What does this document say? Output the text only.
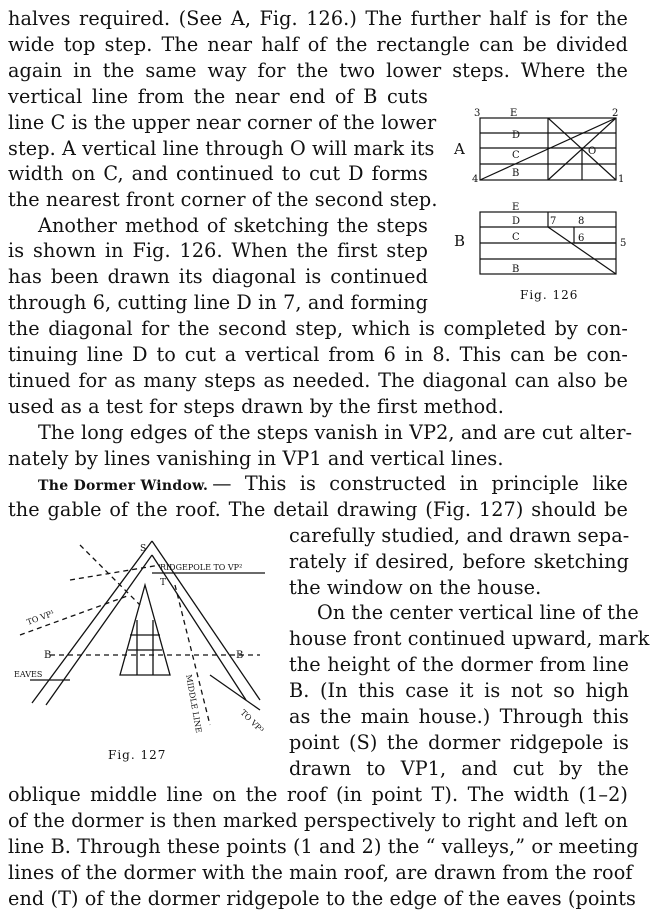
halves required. (See A, Fig. 126.) The further half is for the
wide top step. The near half of the rectangle can be divided
again in the same way for the two lower steps. Where the
vertical line from the near end of B cuts
line C is the upper near corner of the lower
step. A vertical line through O will mark its
width on C, and continued to cut D forms
the nearest front corner of the second step.
Another method of sketching the steps
is shown in Fig. 126. When the first step
has been drawn its diagonal is continued
through 6, cutting line D in 7, and forming
the diagonal for the second step, which is completed by con-
tinuing line D to cut a vertical from 6 in 8. This can be con-
tinued for as many steps as needed. The diagonal can also be
used as a test for steps drawn by the first method.
The long edges of the steps vanish in VP2, and are cut alter-
nately by lines vanishing in VP1 and vertical lines.
The Dormer Window. — This is constructed in principle like
the gable of the roof. The detail drawing (Fig. 127) should be
carefully studied, and drawn sepa-
rately if desired, before sketching
the window on the house.
On the center vertical line of the
house front continued upward, mark
the height of the dormer from line
B. (In this case it is not so high
as the main house.) Through this
point (S) the dormer ridgepole is
drawn to VP1, and cut by the
oblique middle line on the roof (in point T). The width (1–2)
of the dormer is then marked perspectively to right and left on
line B. Through these points (1 and 2) the “ valleys,” or meeting
lines of the dormer with the main roof, are drawn from the roof
end (T) of the dormer ridgepole to the edge of the eaves (points
A
3	E	2
D
C	O
4
B
1
B
E
D	7 8
C	6	5
B
Fig. 126
RIDGEPOLE TO VP²
TO VP¹
EAVES
B	B
MIDDLE LINE	TO VP³
S
T
Fig. 127
